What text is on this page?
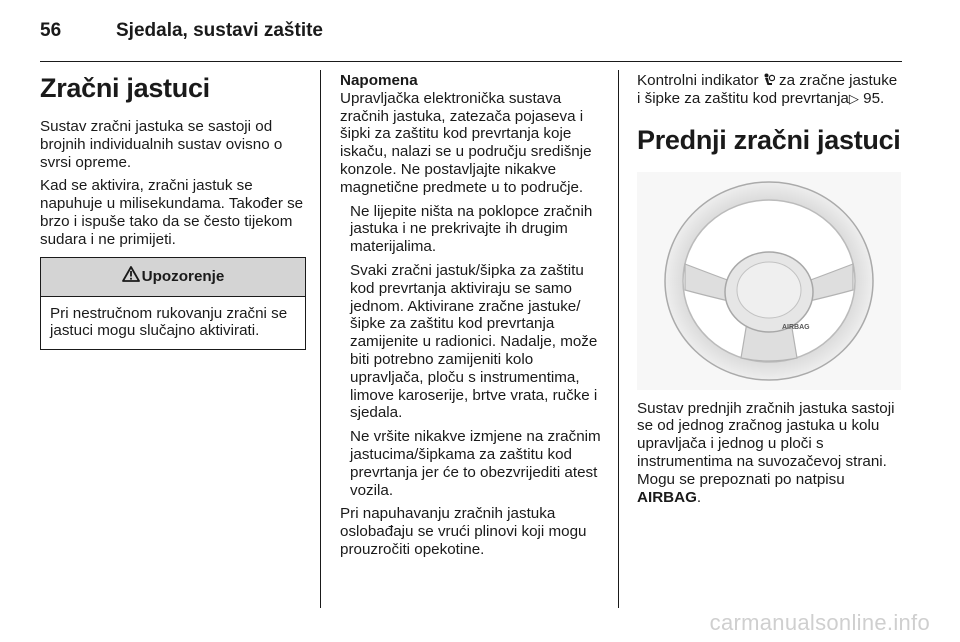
56	Sjedala, sustavi zaštite
Zračni jastuci

Sustav zračni jastuka se sastoji od brojnih individualnih sustav ovisno o svrsi opreme.

Kad se aktivira, zračni jastuk se napuhuje u milisekundama. Također se brzo i ispuše tako da se često tijekom sudara i ne primijeti.

Upozorenje
Pri nestručnom rukovanju zračni se jastuci mogu slučajno aktivirati.
Napomena

Upravljačka elektronička sustava zračnih jastuka, zatezača pojaseva i šipki za zaštitu kod prevrtanja koje iskaču, nalazi se u području središnje konzole. Ne postavljajte nikakve magnetične predmete u to područje.

Ne lijepite ništa na poklopce zračnih jastuka i ne prekrivajte ih drugim materijalima.

Svaki zračni jastuk/šipka za zaštitu kod prevrtanja aktiviraju se samo jednom. Aktivirane zračne jastuke/ šipke za zaštitu kod prevrtanja zamijenite u radionici. Nadalje, može biti potrebno zamijeniti kolo upravljača, ploču s instrumentima, limove karoserije, brtve vrata, ručke i sjedala.

Ne vršite nikakve izmjene na zračnim jastucima/šipkama za zaštitu kod prevrtanja jer će to obezvrijediti atest vozila.

Pri napuhavanju zračnih jastuka oslobađaju se vrući plinovi koji mogu prouzročiti opekotine.

Kontrolni indikator za zračne jastuke i šipke za zaštitu kod prevrtanja▷ 95.

Prednji zračni jastuci
AIRBAG

Sustav prednjih zračnih jastuka sastoji se od jednog zračnog jastuka u kolu upravljača i jednog u ploči s instrumentima na suvozačevoj strani. Mogu se prepoznati po natpisu AIRBAG.

carmanualsonline.info
